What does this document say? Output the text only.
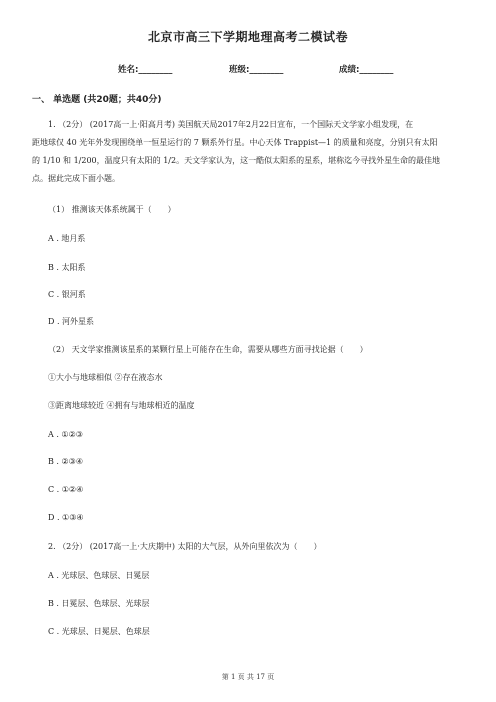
北京市高三下学期地理高考二模试卷
姓名:________	班级:________	成绩:________
一、 单选题 (共20题；共40分)
1. （2分） (2017高一上·阳高月考) 美国航天局2017年2月22日宣布，一个国际天文学家小组发现，在
距地球仅 40 光年外发现围绕单一恒星运行的 7 颗系外行星。中心天体 Trappist—1 的质量和亮度，分别只有太阳
的 1/10 和 1/200，温度只有太阳的 1/2。天文学家认为，这一酷似太阳系的星系，堪称迄今寻找外星生命的最佳地
点。据此完成下面小题。
（1） 推测该天体系统属于（　　）
A . 地月系
B . 太阳系
C . 银河系
D . 河外星系
（2） 天文学家推测该星系的某颗行星上可能存在生命，需要从哪些方面寻找论据（　　）
①大小与地球相似 ②存在液态水
③距离地球较近 ④拥有与地球相近的温度
A . ①②③
B . ②③④
C . ①②④
D . ①③④
2. （2分） (2017高一上·大庆期中) 太阳的大气层，从外向里依次为（　　）
A . 光球层、色球层、日冕层
B . 日冕层、色球层、光球层
C . 光球层、日冕层、色球层
第 1 页 共 17 页
